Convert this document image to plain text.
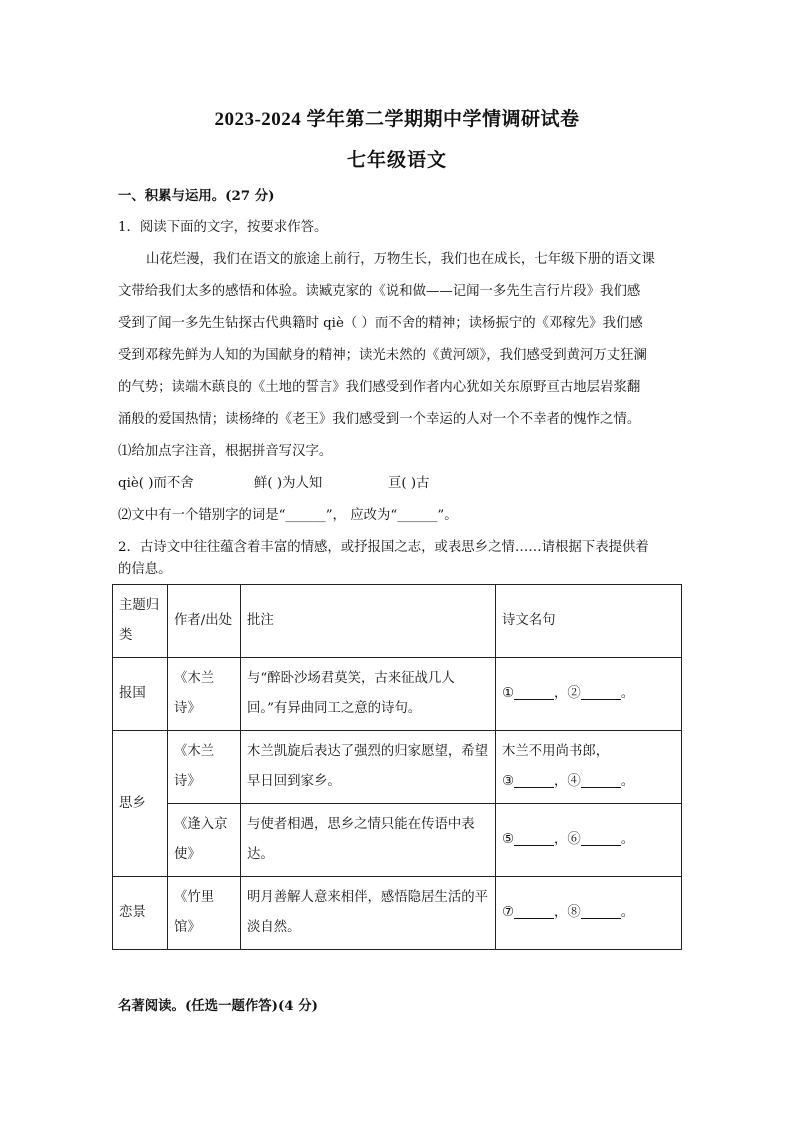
2023-2024 学年第二学期期中学情调研试卷
七年级语文
一、积累与运用。(27 分)
1．阅读下面的文字，按要求作答。
山花烂漫，我们在语文的旅途上前行，万物生长，我们也在成长，七年级下册的语文课
文带给我们太多的感悟和体验。读臧克家的《说和做——记闻一多先生言行片段》我们感
受到了闻一多先生钻探古代典籍时 qiè（ ）而不舍的精神；读杨振宁的《邓稼先》我们感
受到邓稼先鲜为人知的为国献身的精神；读光未然的《黄河颂》，我们感受到黄河万丈狂澜
的气势；读端木蕻良的《土地的誓言》我们感受到作者内心犹如关东原野亘古地层岩浆翻
涌般的爱国热情；读杨绛的《老王》我们感受到一个幸运的人对一个不幸者的愧怍之情。
⑴给加点字注音，根据拼音写汉字。
qiè( )而不舍	鲜( )为人知	亘( )古
⑵文中有一个错别字的词是“______”， 应改为“______”。
2．古诗文中往往蕴含着丰富的情感，或抒报国之志，或表思乡之情……请根据下表提供着
的信息。
主题归类	作者/出处	批注	诗文名句
报国	《木兰诗》	与“醉卧沙场君莫笑，古来征战几人回。”有异曲同工之意的诗句。	① ，② 。
思乡	《木兰诗》	木兰凯旋后表达了强烈的归家愿望，希望早日回到家乡。	木兰不用尚书郎，
③ ，④ 。
	《逢入京使》	与使者相遇，思乡之情只能在传语中表达。	⑤ ，⑥ 。
恋景	《竹里馆》	明月善解人意来相伴，感悟隐居生活的平淡自然。	⑦ ，⑧ 。
名著阅读。(任选一题作答)(4 分)
